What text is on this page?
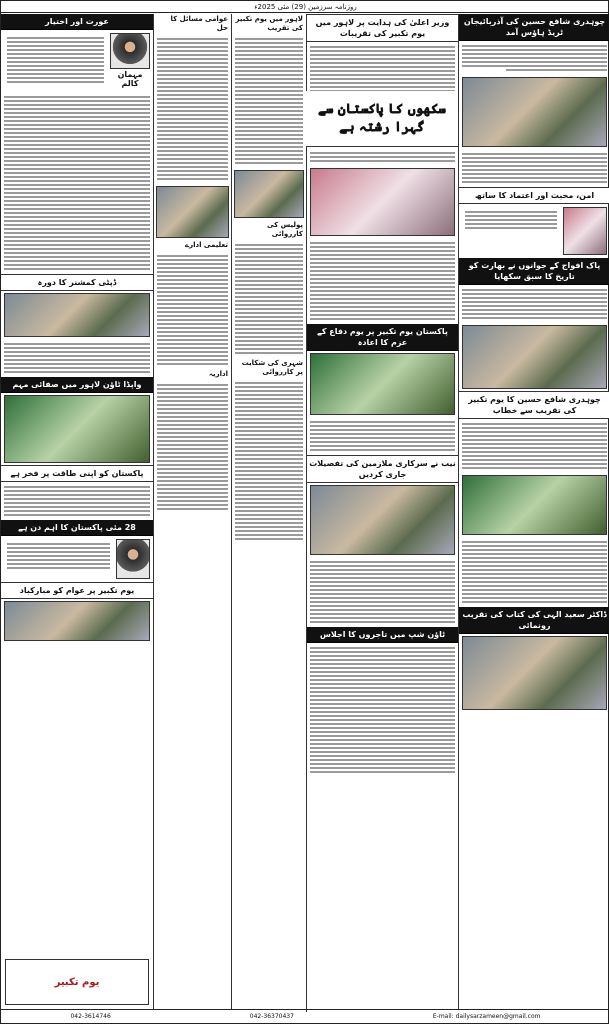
روزنامہ سرزمین (29) مئی 2025ء
چوہدری شافع حسین کی آذربائیجان ٹریڈ ہاؤس آمد
امن، محبت اور اعتماد کا ساتھ
پاک افواج کے جوانوں نے بھارت کو تاریخ کا سبق سکھایا
چوہدری شافع حسین کا یوم تکبیر کی تقریب سے خطاب
ڈاکٹر سعید الہی کی کتاب کی تقریب رونمائی
وزیر اعلیٰ کی ہدایت پر لاہور میں یوم تکبیر کی تقریبات
سکھوں کا پاکستان سے گہرا رشتہ ہے
پاکستان یوم تکبیر پر یوم دفاع کے عزم کا اعادہ
نیب نے سرکاری ملازمین کی تفصیلات جاری کردیں
ٹاؤن شپ میں تاجروں کا اجلاس
لاہور میں یوم تکبیر کی تقریب
پولیس کی کارروائی
شہری کی شکایت پر کارروائی
عوامی مسائل کا حل
تعلیمی ادارے
اداریہ
عورت اور اختیار
مہمان کالم
ڈپٹی کمشنر کا دورہ
واپڈا ٹاؤن لاہور میں صفائی مہم
پاکستان کو اپنی طاقت پر فخر ہے
28 مئی پاکستان کا اہم دن ہے
یوم تکبیر پر عوام کو مبارکباد
یوم تکبیر
042-3614746	042-36370437	E-mail: dailysarzameen@gmail.com
